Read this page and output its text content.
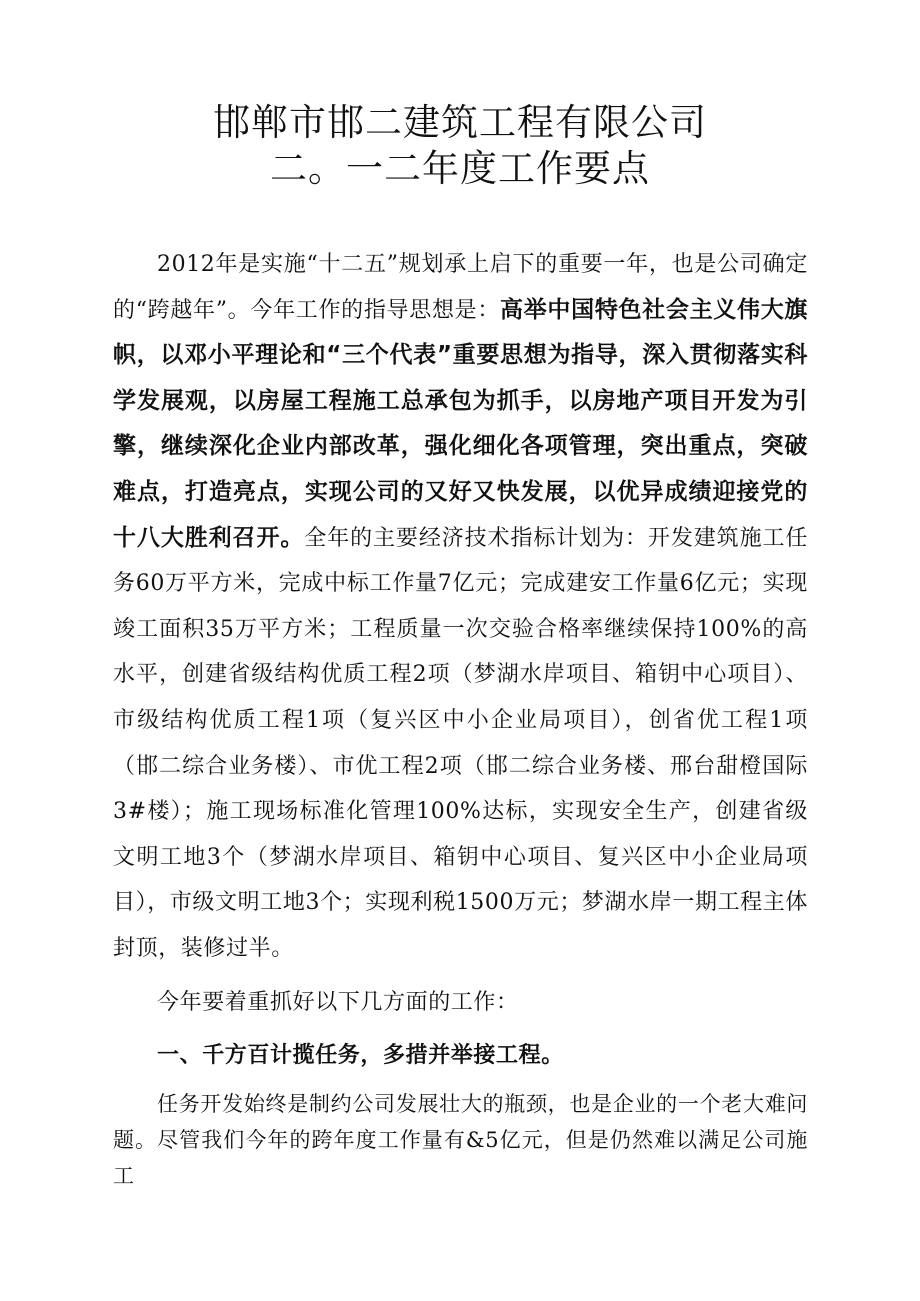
邯郸市邯二建筑工程有限公司
二。一二年度工作要点

2012年是实施“十二五”规划承上启下的重要一年，也是公司确定的“跨越年”。今年工作的指导思想是：高举中国特色社会主义伟大旗帜，以邓小平理论和“三个代表”重要思想为指导，深入贯彻落实科学发展观，以房屋工程施工总承包为抓手，以房地产项目开发为引擎，继续深化企业内部改革，强化细化各项管理，突出重点，突破难点，打造亮点，实现公司的又好又快发展，以优异成绩迎接党的十八大胜利召开。全年的主要经济技术指标计划为：开发建筑施工任务60万平方米，完成中标工作量7亿元；完成建安工作量6亿元；实现竣工面积35万平方米；工程质量一次交验合格率继续保持100%的高水平，创建省级结构优质工程2项（梦湖水岸项目、箱钥中心项目）、市级结构优质工程1项（复兴区中小企业局项目），创省优工程1项（邯二综合业务楼）、市优工程2项（邯二综合业务楼、邢台甜橙国际3#楼）；施工现场标准化管理100%达标，实现安全生产，创建省级文明工地3个（梦湖水岸项目、箱钥中心项目、复兴区中小企业局项目），市级文明工地3个；实现利税1500万元；梦湖水岸一期工程主体封顶，装修过半。

今年要着重抓好以下几方面的工作：

一、千方百计揽任务，多措并举接工程。

任务开发始终是制约公司发展壮大的瓶颈，也是企业的一个老大难问题。尽管我们今年的跨年度工作量有&5亿元，但是仍然难以满足公司施工
